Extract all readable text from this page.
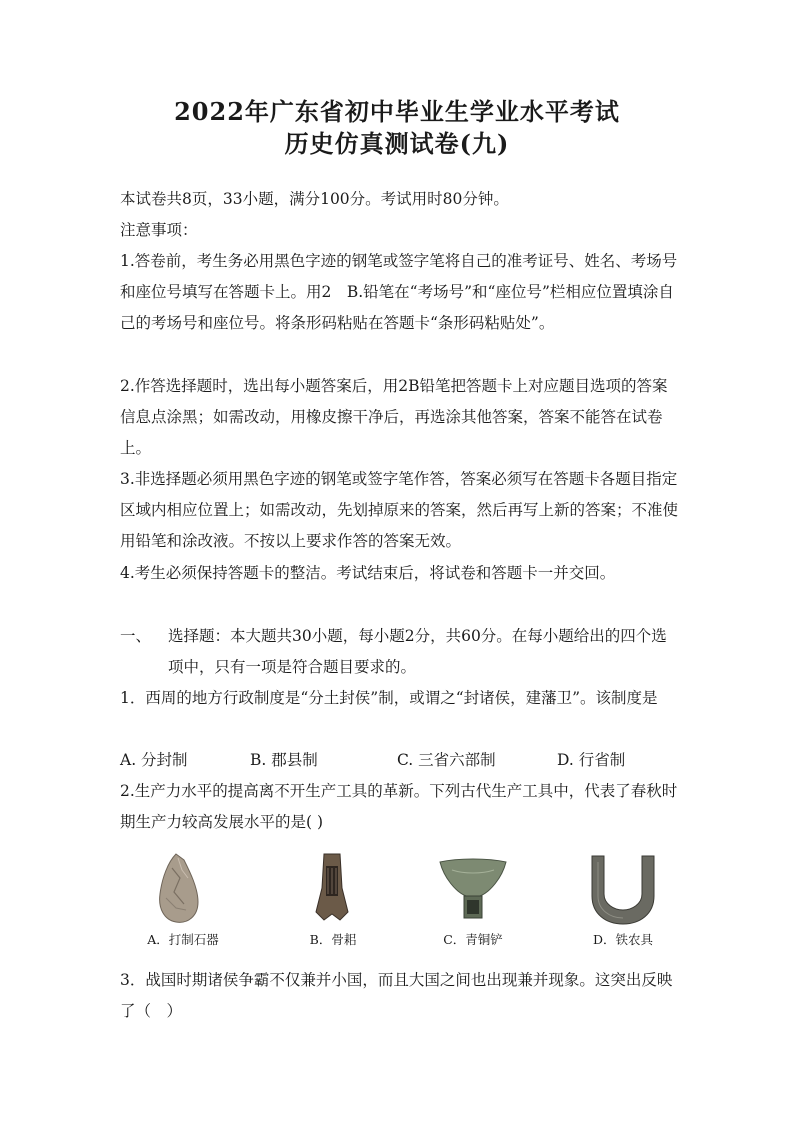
2022年广东省初中毕业生学业水平考试
历史仿真测试卷(九)
本试卷共8页，33小题，满分100分。考试用时80分钟。
注意事项：
1.答卷前，考生务必用黑色字迹的钢笔或签字笔将自己的准考证号、姓名、考场号和座位号填写在答题卡上。用2　B.铅笔在“考场号”和“座位号”栏相应位置填涂自己的考场号和座位号。将条形码粘贴在答题卡“条形码粘贴处”。
2.作答选择题时，选出每小题答案后，用2B铅笔把答题卡上对应题目选项的答案信息点涂黑；如需改动，用橡皮擦干净后，再选涂其他答案，答案不能答在试卷上。
3.非选择题必须用黑色字迹的钢笔或签字笔作答，答案必须写在答题卡各题目指定区域内相应位置上；如需改动，先划掉原来的答案，然后再写上新的答案；不准使用铅笔和涂改液。不按以上要求作答的答案无效。
4.考生必须保持答题卡的整洁。考试结束后，将试卷和答题卡一并交回。
一、 选择题：本大题共30小题，每小题2分，共60分。在每小题给出的四个选项中，只有一项是符合题目要求的。
1．西周的地方行政制度是“分土封侯”制，或谓之“封诸侯，建藩卫”。该制度是
A. 分封制	B. 郡县制	C. 三省六部制	D. 行省制
2.生产力水平的提高离不开生产工具的革新。下列古代生产工具中，代表了春秋时期生产力较高发展水平的是( )
A．打制石器	B．骨耜	C．青铜铲	D．铁农具
3．战国时期诸侯争霸不仅兼并小国，而且大国之间也出现兼并现象。这突出反映了（　）
